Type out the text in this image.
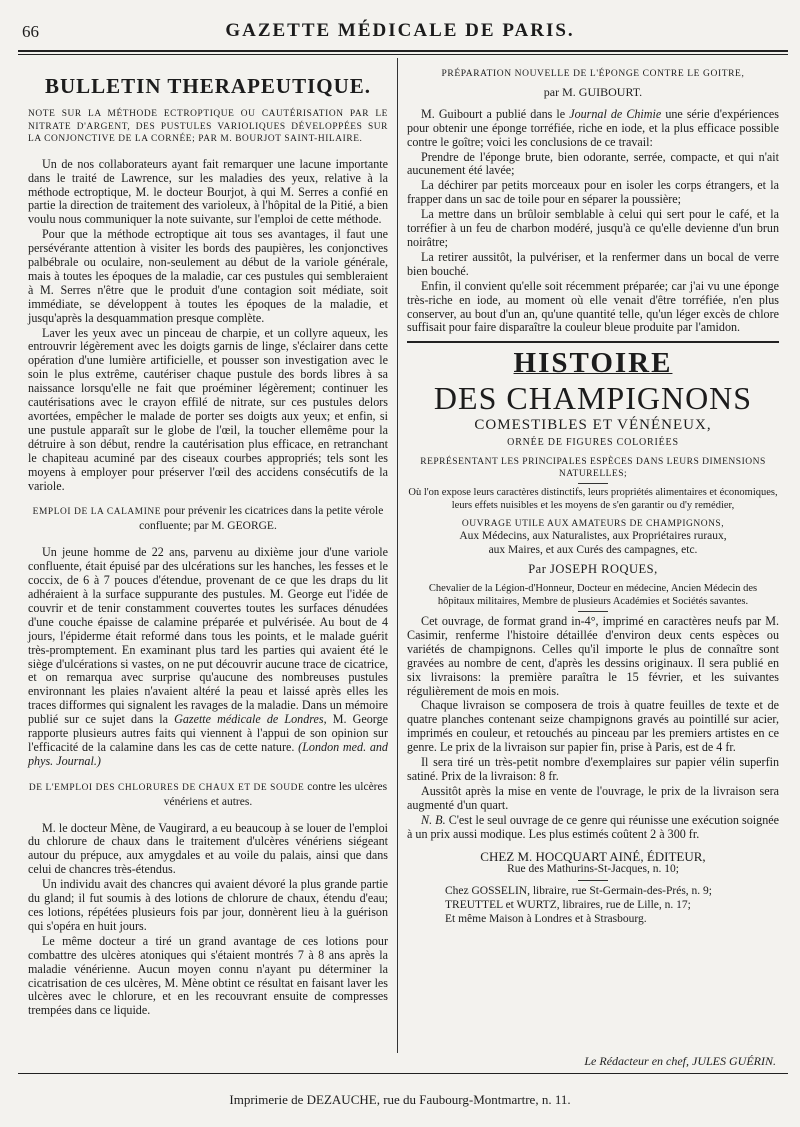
66	GAZETTE MÉDICALE DE PARIS.
BULLETIN THERAPEUTIQUE.

NOTE SUR LA MÉTHODE ECTROPTIQUE OU CAUTÉRISATION PAR LE NITRATE D'ARGENT, DES PUSTULES VARIOLIQUES DÉVELOPPÉES SUR LA CONJONCTIVE DE LA CORNÉE; PAR M. BOURJOT SAINT-HILAIRE.

Un de nos collaborateurs ayant fait remarquer une lacune importante dans le traité de Lawrence, sur les maladies des yeux, relative à la méthode ectroptique, M. le docteur Bourjot, à qui M. Serres a confié en partie la direction de traitement des varioleux, à l'hôpital de la Pitié, a bien voulu nous communiquer la note suivante, sur l'emploi de cette méthode.

Pour que la méthode ectroptique ait tous ses avantages, il faut une persévérante attention à visiter les bords des paupières, les conjonctives palbébrale ou oculaire, non-seulement au début de la variole générale, mais à toutes les époques de la maladie, car ces pustules qui sembleraient à M. Serres n'être que le produit d'une contagion soit médiate, soit immédiate, se développent à toutes les époques de la maladie, et jusqu'après la desquammation presque complète.

Laver les yeux avec un pinceau de charpie, et un collyre aqueux, les entrouvrir légèrement avec les doigts garnis de linge, s'éclairer dans cette opération d'une lumière artificielle, et pousser son investigation avec le soin le plus extrême, cautériser chaque pustule des bords libres à sa naissance lorsqu'elle ne fait que proéminer légèrement; continuer les cautérisations avec le crayon effilé de nitrate, sur ces pustules delors avortées, empêcher le malade de porter ses doigts aux yeux; et enfin, si une pustule apparaît sur le globe de l'œil, la toucher ellemême pour la détruire à son début, rendre la cautérisation plus efficace, en retranchant le chapiteau acuminé par des ciseaux courbes appropriés; tels sont les moyens à employer pour préserver l'œil des accidens consécutifs de la variole.

EMPLOI DE LA CALAMINE pour prévenir les cicatrices dans la petite vérole confluente; par M. GEORGE.

Un jeune homme de 22 ans, parvenu au dixième jour d'une variole confluente, était épuisé par des ulcérations sur les hanches, les fesses et le coccix, de 6 à 7 pouces d'étendue, provenant de ce que les draps du lit adhéraient à la surface suppurante des pustules. M. George eut l'idée de couvrir et de tenir constamment couvertes toutes les surfaces dénudées d'une couche épaisse de calamine préparée et pulvérisée. Au bout de 4 jours, l'épiderme était reformé dans tous les points, et le malade guérit très-promptement. En examinant plus tard les parties qui avaient été le siège d'ulcérations si vastes, on ne put découvrir aucune trace de cicatrice, et on remarqua avec surprise qu'aucune des nombreuses pustules environnant les plaies n'avaient altéré la peau et laissé après elles les traces difformes qui signalent les ravages de la maladie. Dans un mémoire publié sur ce sujet dans la Gazette médicale de Londres, M. George rapporte plusieurs autres faits qui viennent à l'appui de son opinion sur l'efficacité de la calamine dans les cas de cette nature. (London med. and phys. Journal.)

DE L'EMPLOI DES CHLORURES DE CHAUX ET DE SOUDE contre les ulcères vénériens et autres.

M. le docteur Mène, de Vaugirard, a eu beaucoup à se louer de l'emploi du chlorure de chaux dans le traitement d'ulcères vénériens siégeant autour du prépuce, aux amygdales et au voile du palais, ainsi que dans celui de chancres très-étendus.

Un individu avait des chancres qui avaient dévoré la plus grande partie du gland; il fut soumis à des lotions de chlorure de chaux, étendu d'eau; ces lotions, répétées plusieurs fois par jour, donnèrent lieu à la guérison qui s'opéra en huit jours.

Le même docteur a tiré un grand avantage de ces lotions pour combattre des ulcères atoniques qui s'étaient montrés 7 à 8 ans après la maladie vénérienne. Aucun moyen connu n'ayant pu déterminer la cicatrisation de ces ulcères, M. Mène obtint ce résultat en faisant laver les ulcères avec le chlorure, et en les recouvrant ensuite de compresses trempées dans ce liquide.

PRÉPARATION NOUVELLE DE L'ÉPONGE CONTRE LE GOITRE,
par M. GUIBOURT.

M. Guibourt a publié dans le Journal de Chimie une série d'expériences pour obtenir une éponge torréfiée, riche en iode, et la plus efficace possible contre le goître; voici les conclusions de ce travail:

Prendre de l'éponge brute, bien odorante, serrée, compacte, et qui n'ait aucunement été lavée;

La déchirer par petits morceaux pour en isoler les corps étrangers, et la frapper dans un sac de toile pour en séparer la poussière;

La mettre dans un brûloir semblable à celui qui sert pour le café, et la torréfier à un feu de charbon modéré, jusqu'à ce qu'elle devienne d'un brun noirâtre;

La retirer aussitôt, la pulvériser, et la renfermer dans un bocal de verre bien bouché.

Enfin, il convient qu'elle soit récemment préparée; car j'ai vu une éponge très-riche en iode, au moment où elle venait d'être torréfiée, n'en plus conserver, au bout d'un an, qu'une quantité telle, qu'un léger excès de chlore suffisait pour faire disparaître la couleur bleue produite par l'amidon.

HISTOIRE
DES CHAMPIGNONS
COMESTIBLES ET VÉNÉNEUX,
ORNÉE DE FIGURES COLORIÉES
REPRÉSENTANT LES PRINCIPALES ESPÈCES DANS LEURS DIMENSIONS NATURELLES;
Où l'on expose leurs caractères distinctifs, leurs propriétés alimentaires et économiques, leurs effets nuisibles et les moyens de s'en garantir ou d'y remédier,
OUVRAGE UTILE AUX AMATEURS DE CHAMPIGNONS,
Aux Médecins, aux Naturalistes, aux Propriétaires ruraux,
aux Maires, et aux Curés des campagnes, etc.
Par JOSEPH ROQUES,
Chevalier de la Légion-d'Honneur, Docteur en médecine, Ancien Médecin des
hôpitaux militaires, Membre de plusieurs Académies et Sociétés savantes.

Cet ouvrage, de format grand in-4°, imprimé en caractères neufs par M. Casimir, renferme l'histoire détaillée d'environ deux cents espèces ou variétés de champignons. Celles qu'il importe le plus de connaître sont gravées au nombre de cent, d'après les dessins originaux. Il sera publié en six livraisons: la première paraîtra le 15 février, et les suivantes régulièrement de mois en mois.

Chaque livraison se composera de trois à quatre feuilles de texte et de quatre planches contenant seize champignons gravés au pointillé sur acier, imprimés en couleur, et retouchés au pinceau par les premiers artistes en ce genre. Le prix de la livraison sur papier fin, prise à Paris, est de 4 fr.

Il sera tiré un très-petit nombre d'exemplaires sur papier vélin superfin satiné. Prix de la livraison: 8 fr.

Aussitôt après la mise en vente de l'ouvrage, le prix de la livraison sera augmenté d'un quart.

N. B. C'est le seul ouvrage de ce genre qui réunisse une exécution soignée à un prix aussi modique. Les plus estimés coûtent 2 à 300 fr.

CHEZ M. HOCQUART AINÉ, ÉDITEUR,
Rue des Mathurins-St-Jacques, n. 10;
Chez GOSSELIN, libraire, rue St-Germain-des-Prés, n. 9;
TREUTTEL et WURTZ, libraires, rue de Lille, n. 17;
Et même Maison à Londres et à Strasbourg.
Le Rédacteur en chef, JULES GUÉRIN.
Imprimerie de DEZAUCHE, rue du Faubourg-Montmartre, n. 11.
